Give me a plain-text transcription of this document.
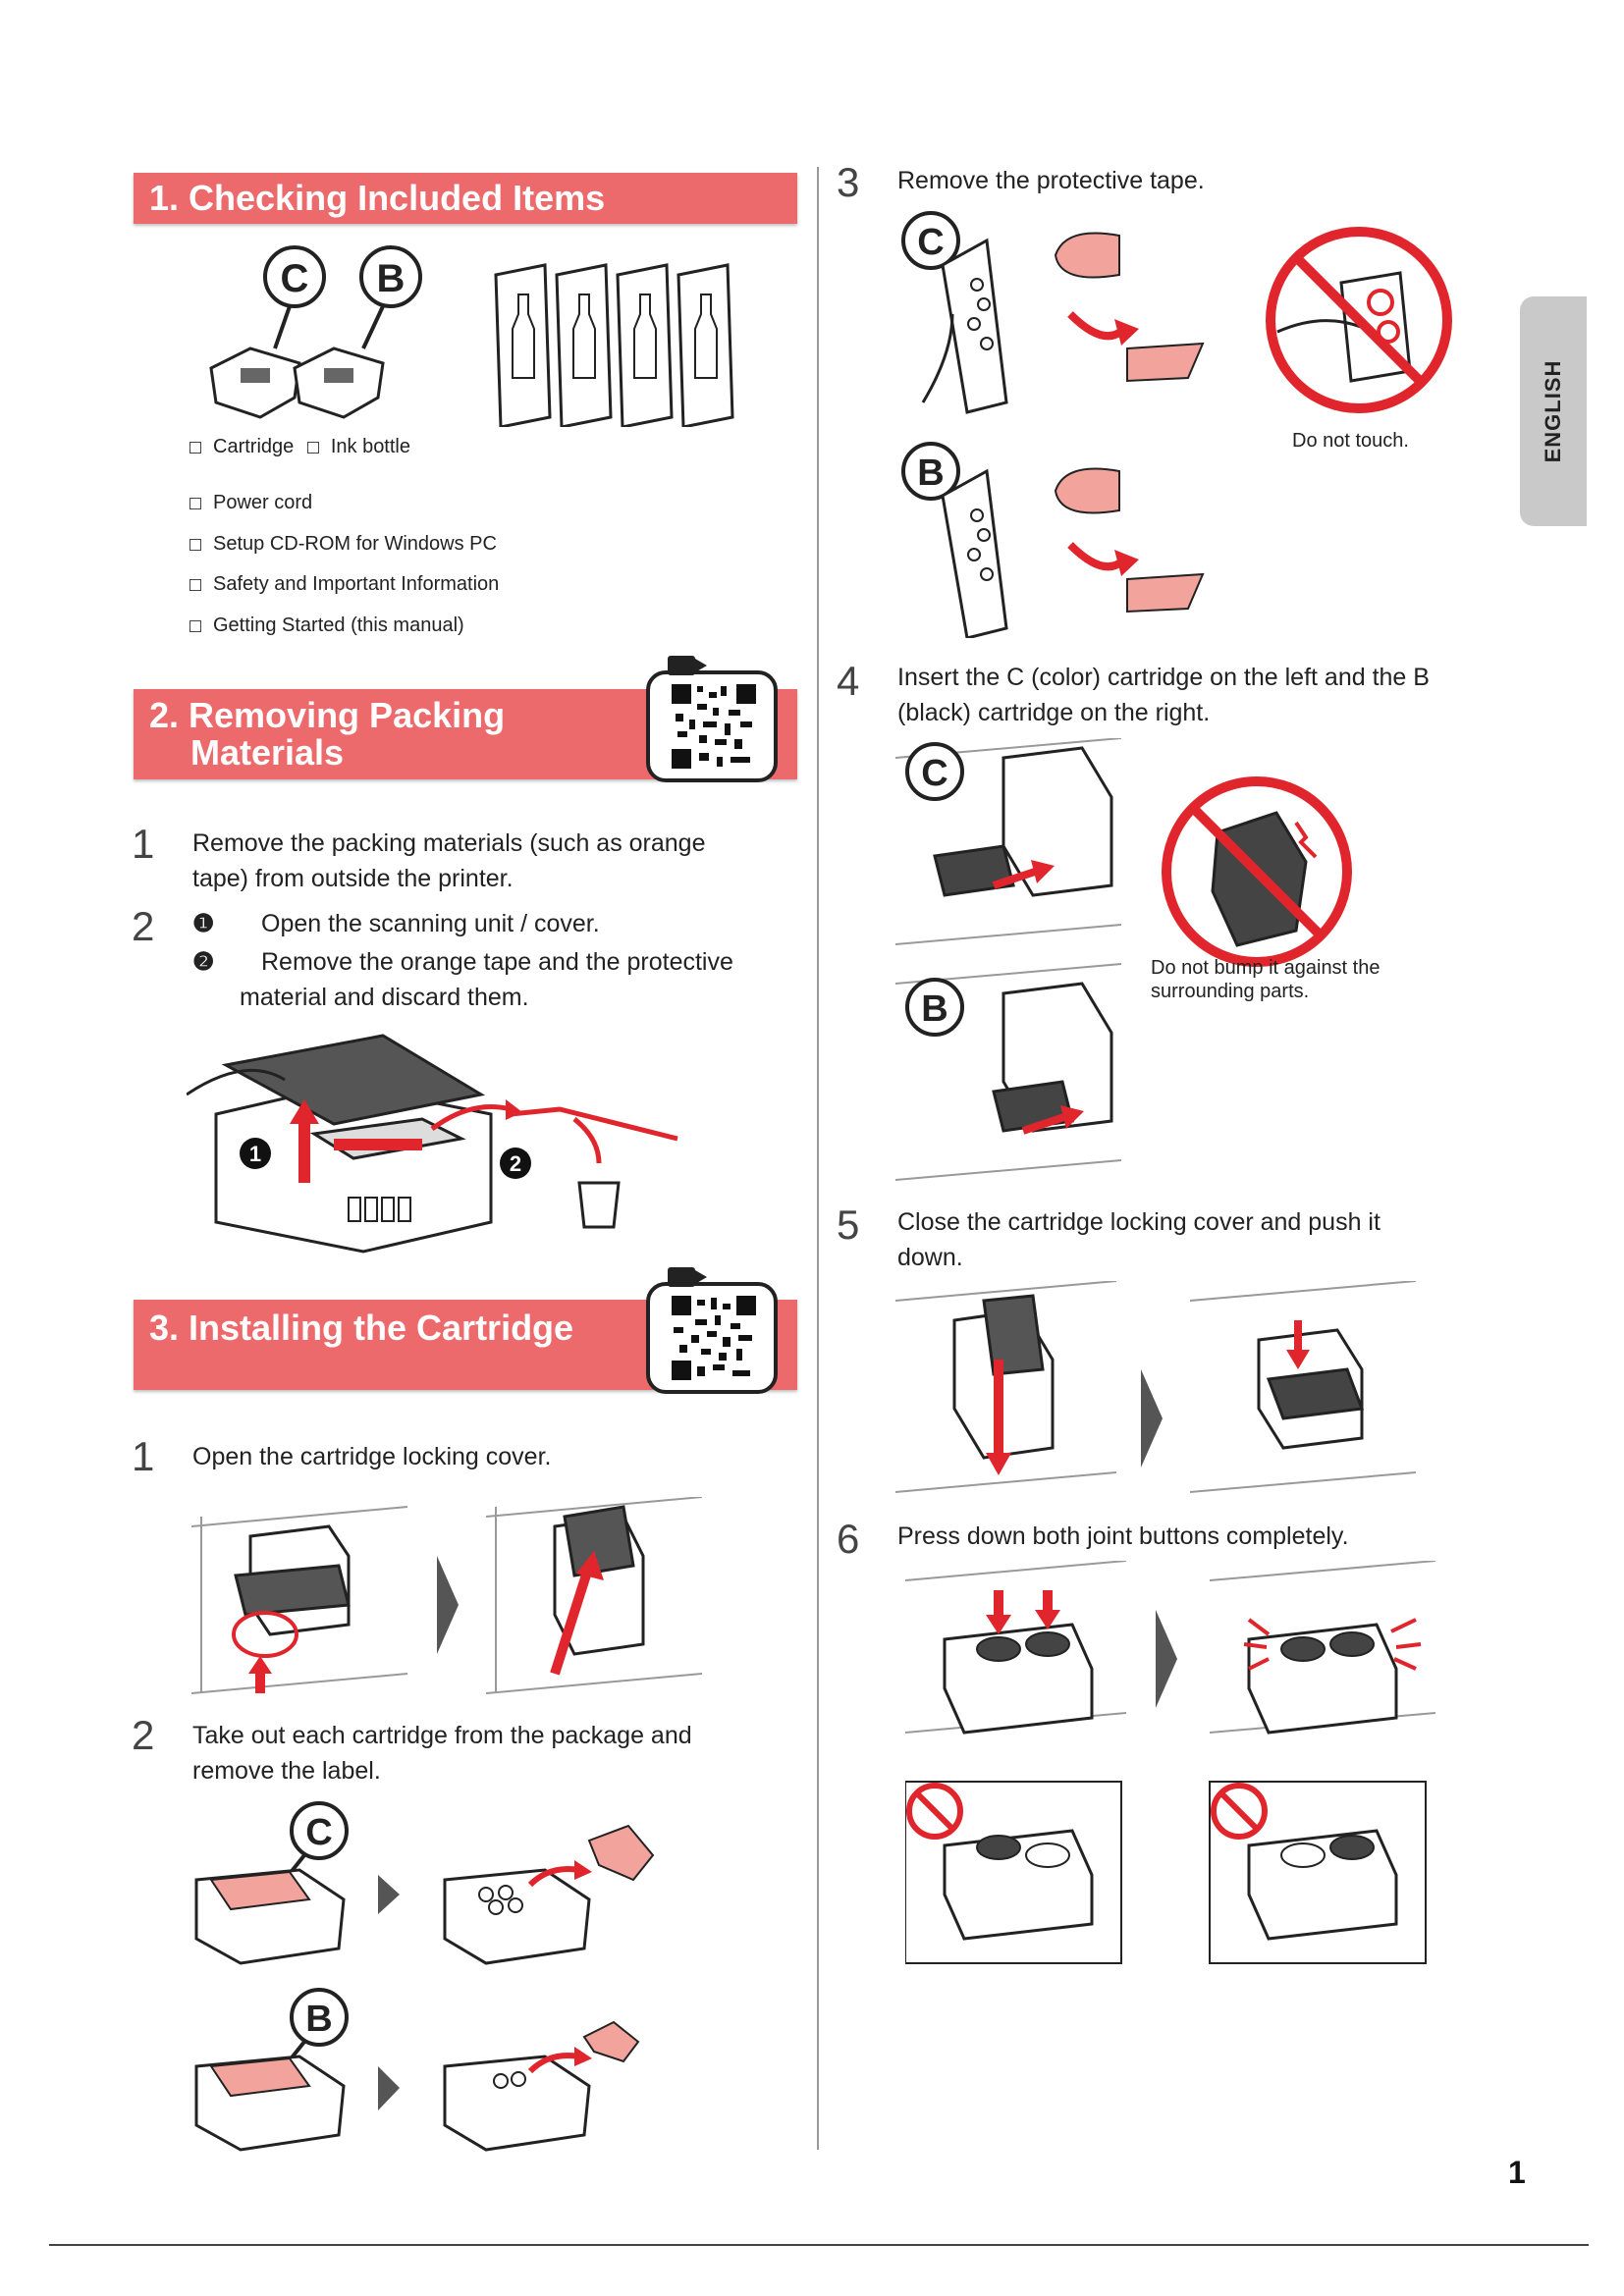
ENGLISH
1. Checking Included Items
C B
Cartridge Ink bottle
Power cord
Setup CD-ROM for Windows PC
Safety and Important Information
Getting Started (this manual)
2. Removing Packing
Materials
1 Remove the packing materials (such as orange
tape) from outside the printer.
2 ❶ Open the scanning unit / cover.
❷ Remove the orange tape and the protective
material and discard them.
1	2
3. Installing the Cartridge
1 Open the cartridge locking cover.
2 Take out each cartridge from the package and
remove the label.
C
B
3 Remove the protective tape.
C
B
Do not touch.
4 Insert the C (color) cartridge on the left and the B
(black) cartridge on the right.
C
B
Do not bump it against the
surrounding parts.
5 Close the cartridge locking cover and push it
down.
6 Press down both joint buttons completely.
1
